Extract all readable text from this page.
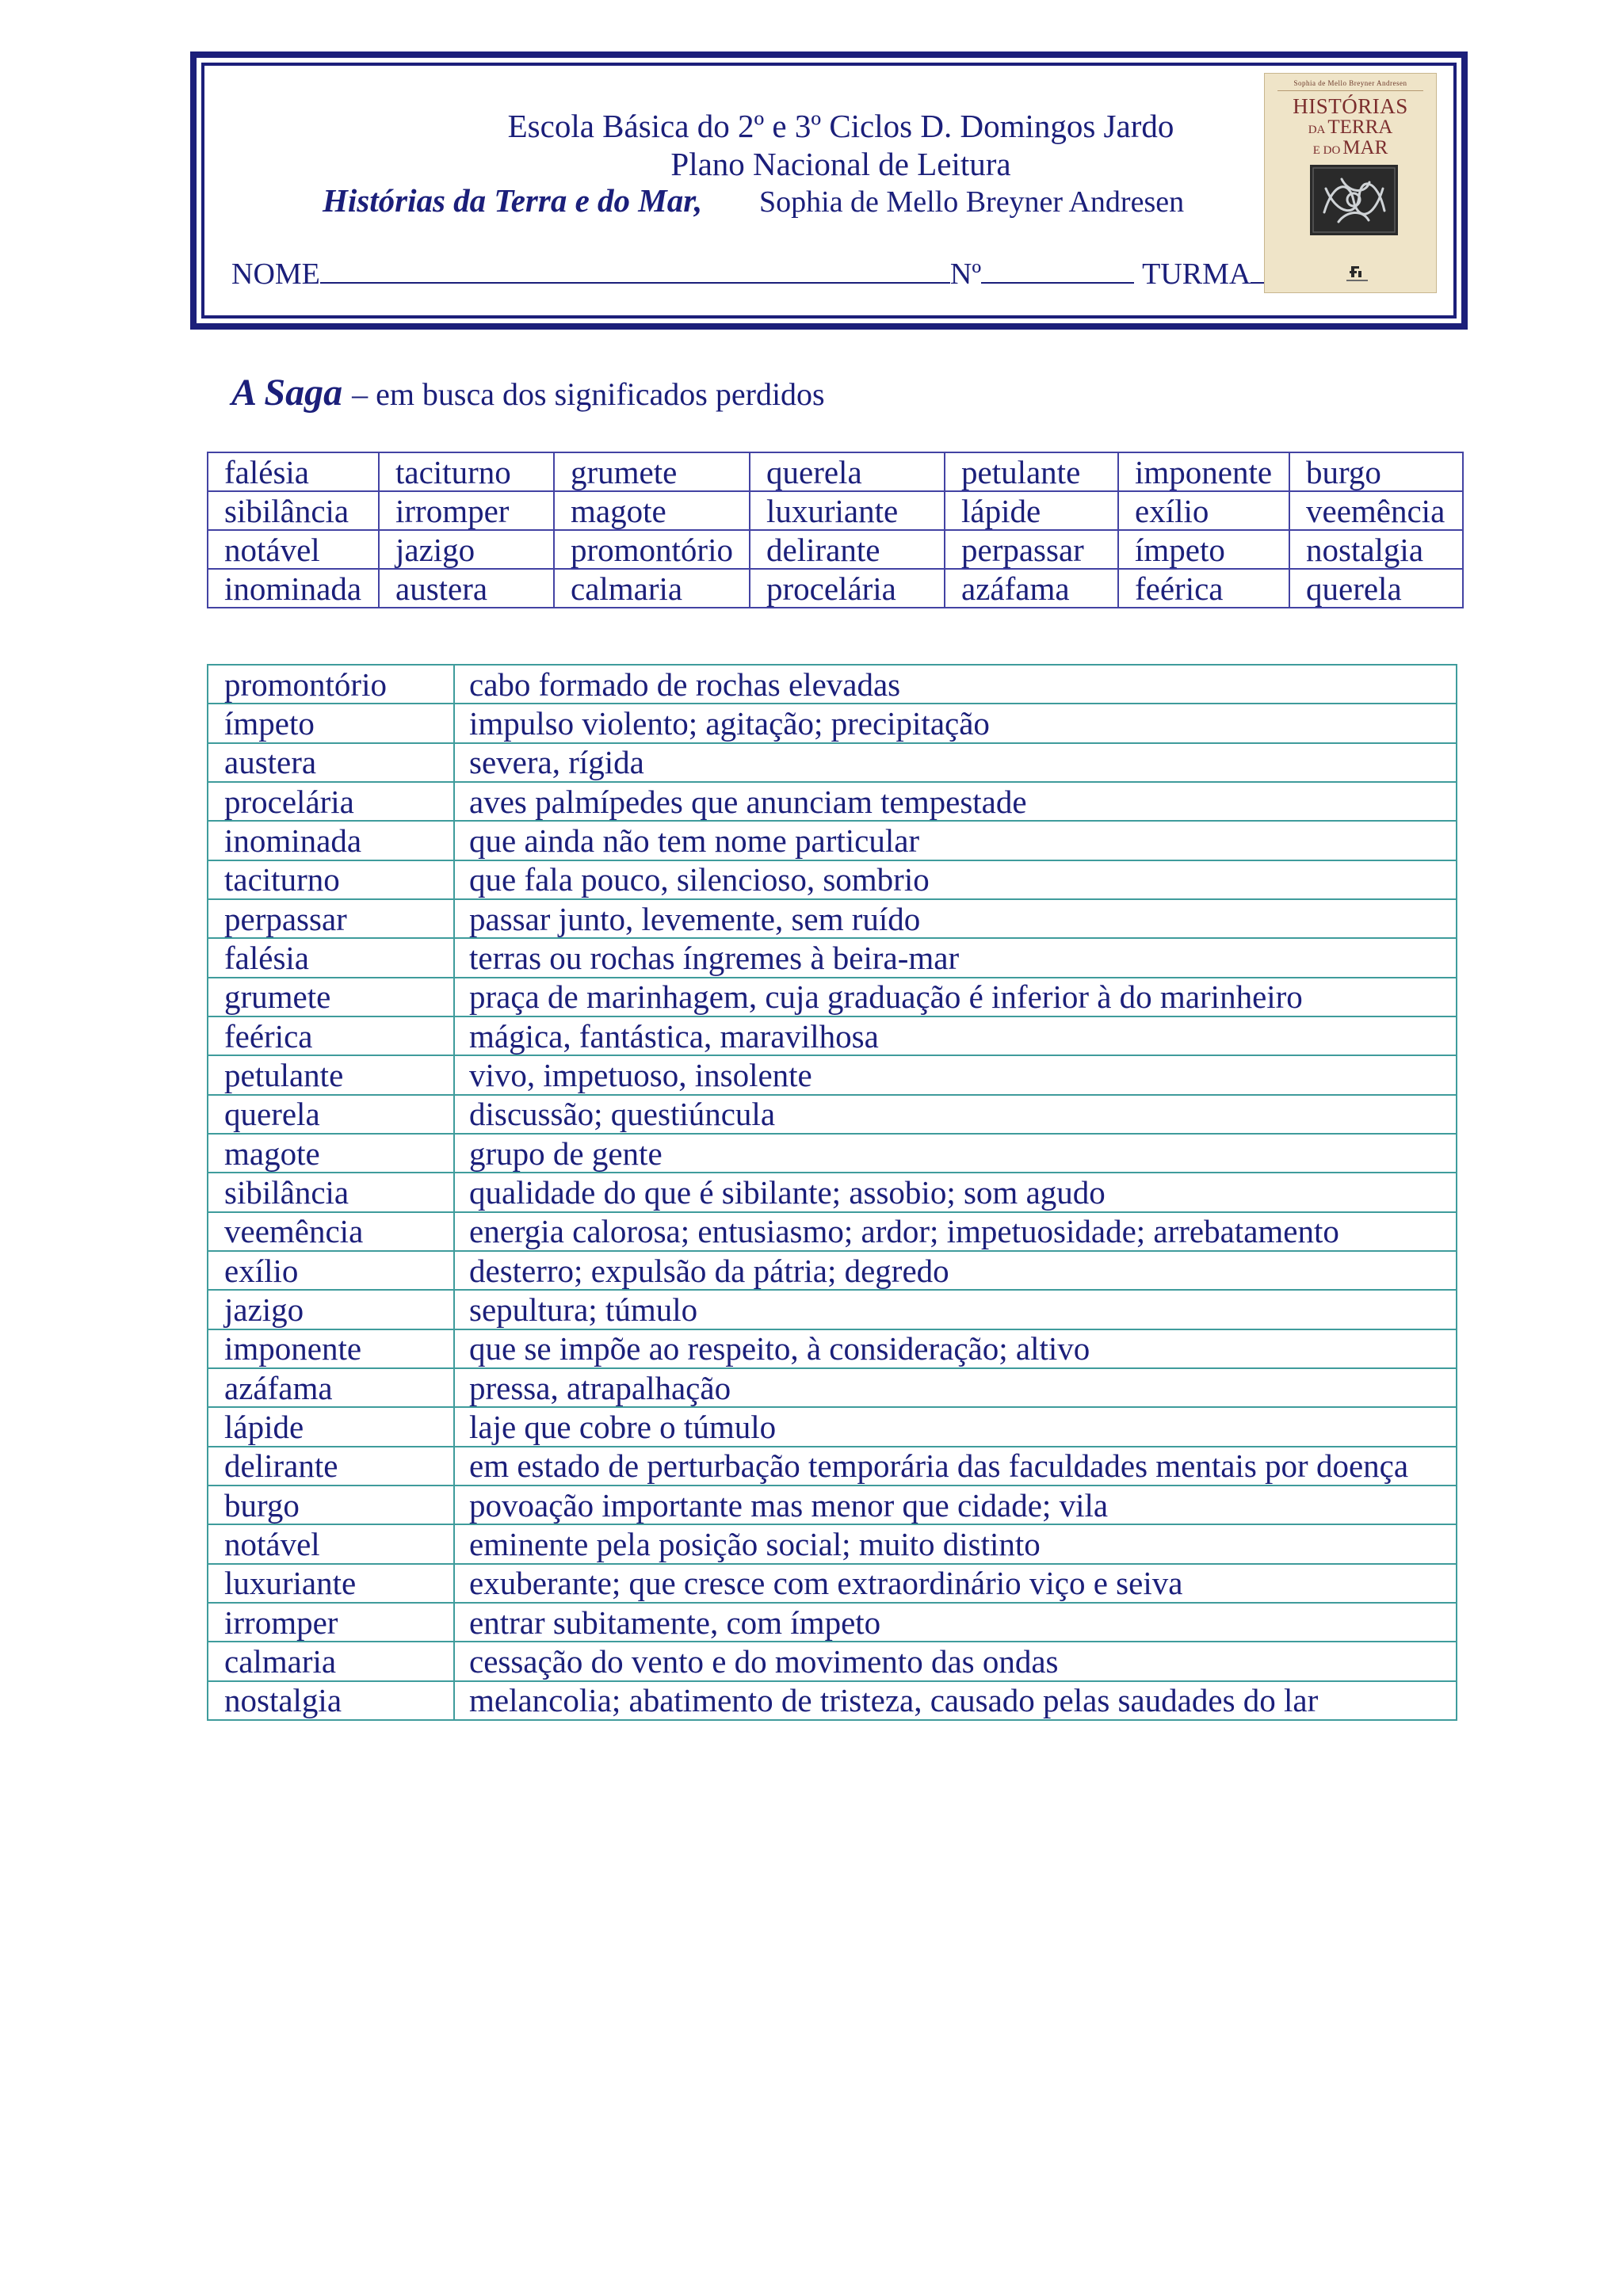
Escola Básica do 2º e 3º Ciclos D. Domingos Jardo
Plano Nacional de Leitura
Histórias da Terra e do Mar, Sophia de Mello Breyner Andresen
NOME	Nº	TURMA
Sophia de Mello Breyner Andresen
HISTÓRIAS
DA TERRA
E DO MAR
A Saga – em busca dos significados perdidos
falésia	taciturno	grumete	querela	petulante	imponente	burgo
sibilância	irromper	magote	luxuriante	lápide	exílio	veemência
notável	jazigo	promontório	delirante	perpassar	ímpeto	nostalgia
inominada	austera	calmaria	procelária	azáfama	feérica	querela
promontório	cabo formado de rochas elevadas
ímpeto	impulso violento; agitação; precipitação
austera	severa, rígida
procelária	aves palmípedes que anunciam tempestade
inominada	que ainda não tem nome particular
taciturno	que fala pouco, silencioso, sombrio
perpassar	passar junto, levemente, sem ruído
falésia	terras ou rochas íngremes à beira-mar
grumete	praça de marinhagem, cuja graduação é inferior à do marinheiro
feérica	mágica, fantástica, maravilhosa
petulante	vivo, impetuoso, insolente
querela	discussão; questiúncula
magote	grupo de gente
sibilância	qualidade do que é sibilante; assobio; som agudo
veemência	energia calorosa; entusiasmo; ardor; impetuosidade; arrebatamento
exílio	desterro; expulsão da pátria; degredo
jazigo	sepultura; túmulo
imponente	que se impõe ao respeito, à consideração; altivo
azáfama	pressa, atrapalhação
lápide	laje que cobre o túmulo
delirante	em estado de perturbação temporária das faculdades mentais por doença
burgo	povoação importante mas menor que cidade; vila
notável	eminente pela posição social; muito distinto
luxuriante	exuberante; que cresce com extraordinário viço e seiva
irromper	entrar subitamente, com ímpeto
calmaria	cessação do vento e do movimento das ondas
nostalgia	melancolia; abatimento de tristeza, causado pelas saudades do lar
